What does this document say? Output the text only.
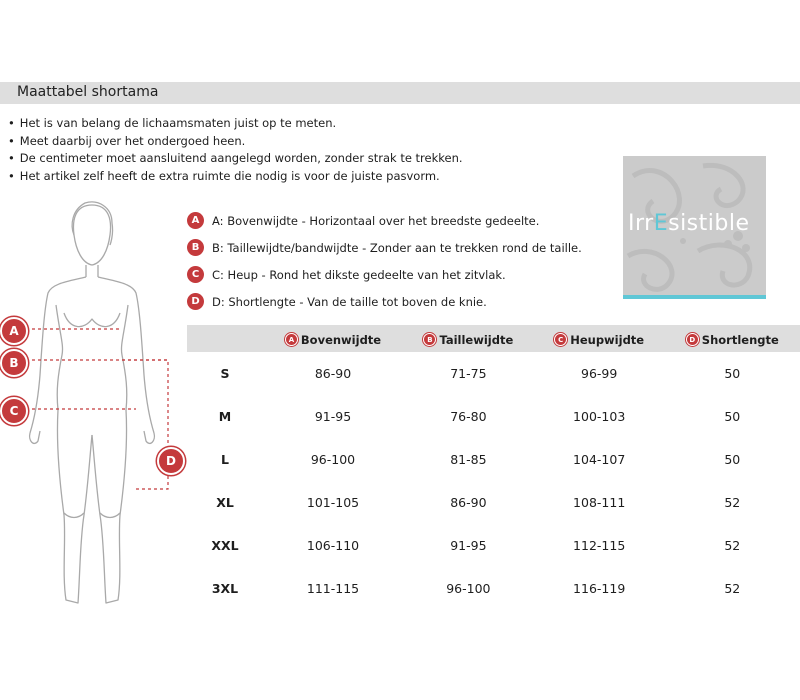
Maattabel shortama
• Het is van belang de lichaamsmaten juist op te meten.
• Meet daarbij over het ondergoed heen.
• De centimeter moet aansluitend aangelegd worden, zonder strak te trekken.
• Het artikel zelf heeft de extra ruimte die nodig is voor de juiste pasvorm.
IrrEsistible
A	A: Bovenwijdte - Horizontaal over het breedste gedeelte.
B	B: Taillewijdte/bandwijdte - Zonder aan te trekken rond de taille.
C	C: Heup - Rond het dikste gedeelte van het zitvlak.
D	D: Shortlengte - Van de taille tot boven de knie.
A
B
C
D

A Bovenwijdte	B Taillewijdte	C Heupwijdte	D Shortlengte

S	86-90	71-75	96-99	50
M	91-95	76-80	100-103	50
L	96-100	81-85	104-107	50
XL	101-105	86-90	108-111	52
XXL	106-110	91-95	112-115	52
3XL	111-115	96-100	116-119	52
